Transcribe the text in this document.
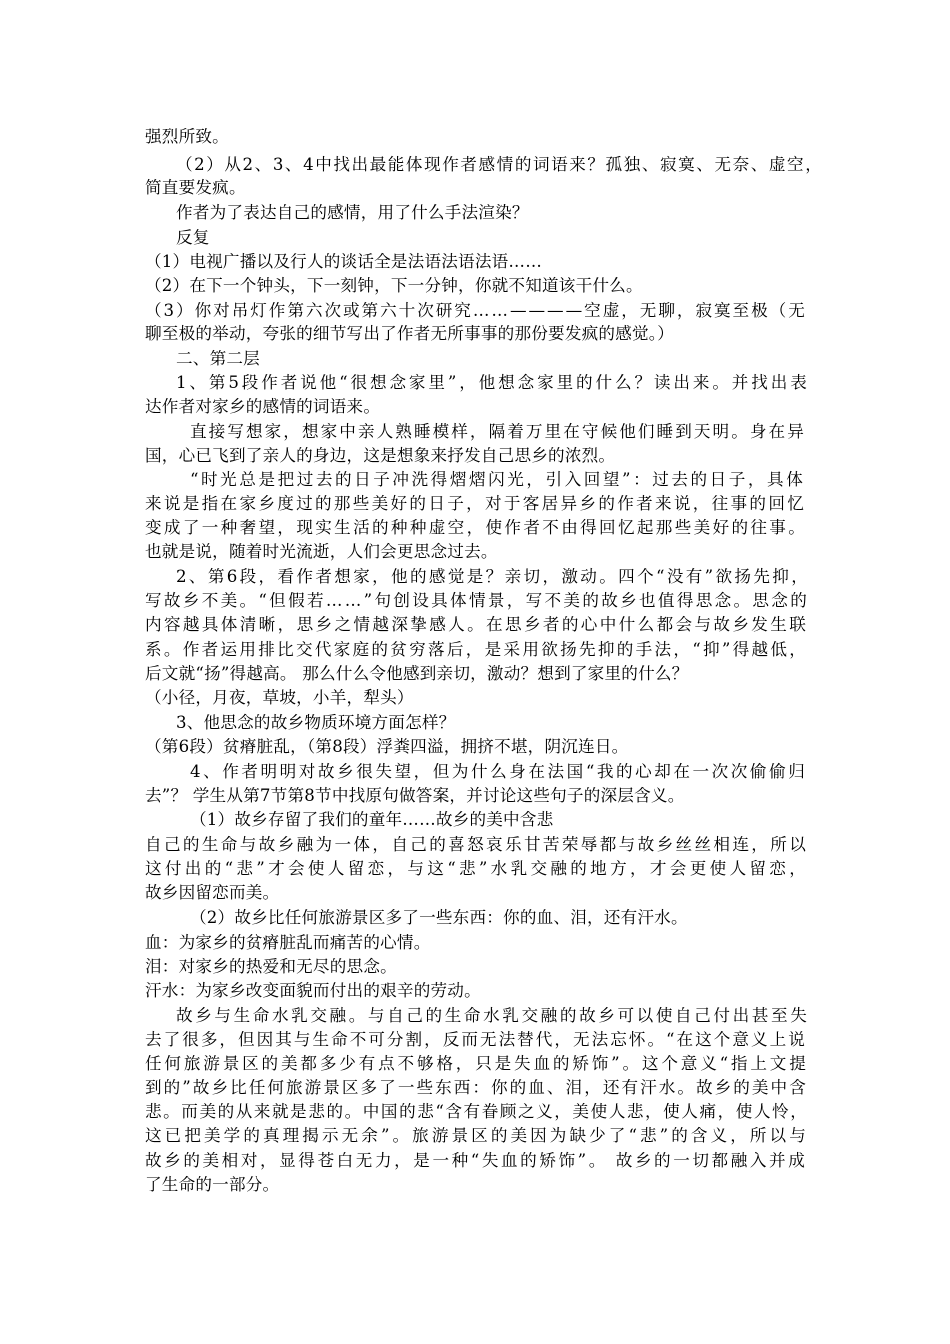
强烈所致。
（2）从2、3、4中找出最能体现作者感情的词语来？孤独、寂寞、无奈、虚空，
简直要发疯。
作者为了表达自己的感情，用了什么手法渲染？
反复
（1）电视广播以及行人的谈话全是法语法语法语……
（2）在下一个钟头，下一刻钟，下一分钟，你就不知道该干什么。
（3）你对吊灯作第六次或第六十次研究……————空虚，无聊，寂寞至极（无
聊至极的举动，夸张的细节写出了作者无所事事的那份要发疯的感觉。）
二、第二层
1、第5段作者说他“很想念家里”，他想念家里的什么？读出来。并找出表
达作者对家乡的感情的词语来。
直接写想家，想家中亲人熟睡模样，隔着万里在守候他们睡到天明。身在异
国，心已飞到了亲人的身边，这是想象来抒发自己思乡的浓烈。
“时光总是把过去的日子冲洗得熠熠闪光，引入回望”：过去的日子，具体
来说是指在家乡度过的那些美好的日子，对于客居异乡的作者来说，往事的回忆
变成了一种奢望，现实生活的种种虚空，使作者不由得回忆起那些美好的往事。
也就是说，随着时光流逝，人们会更思念过去。
2、第6段，看作者想家，他的感觉是？亲切，激动。四个“没有”欲扬先抑，
写故乡不美。“但假若……”句创设具体情景，写不美的故乡也值得思念。思念的
内容越具体清晰，思乡之情越深挚感人。在思乡者的心中什么都会与故乡发生联
系。作者运用排比交代家庭的贫穷落后，是采用欲扬先抑的手法，“抑”得越低，
后文就“扬”得越高。 那么什么令他感到亲切，激动？想到了家里的什么？
（小径，月夜，草坡，小羊，犁头）
3、他思念的故乡物质环境方面怎样？
（第6段）贫瘠脏乱，（第8段）浮粪四溢，拥挤不堪，阴沉连日。
4、作者明明对故乡很失望，但为什么身在法国“我的心却在一次次偷偷归
去”？ 学生从第7节第8节中找原句做答案，并讨论这些句子的深层含义。
（1）故乡存留了我们的童年……故乡的美中含悲
自己的生命与故乡融为一体，自己的喜怒哀乐甘苦荣辱都与故乡丝丝相连，所以
这付出的“悲”才会使人留恋，与这“悲”水乳交融的地方，才会更使人留恋，
故乡因留恋而美。
（2）故乡比任何旅游景区多了一些东西：你的血、泪，还有汗水。
血：为家乡的贫瘠脏乱而痛苦的心情。
泪：对家乡的热爱和无尽的思念。
汗水：为家乡改变面貌而付出的艰辛的劳动。
故乡与生命水乳交融。与自己的生命水乳交融的故乡可以使自己付出甚至失
去了很多，但因其与生命不可分割，反而无法替代，无法忘怀。“在这个意义上说
任何旅游景区的美都多少有点不够格，只是失血的矫饰”。这个意义“指上文提
到的”故乡比任何旅游景区多了一些东西：你的血、泪，还有汗水。故乡的美中含
悲。而美的从来就是悲的。中国的悲“含有眷顾之义，美使人悲，使人痛，使人怜，
这已把美学的真理揭示无余”。旅游景区的美因为缺少了“悲”的含义，所以与
故乡的美相对，显得苍白无力，是一种“失血的矫饰”。 故乡的一切都融入并成
了生命的一部分。
